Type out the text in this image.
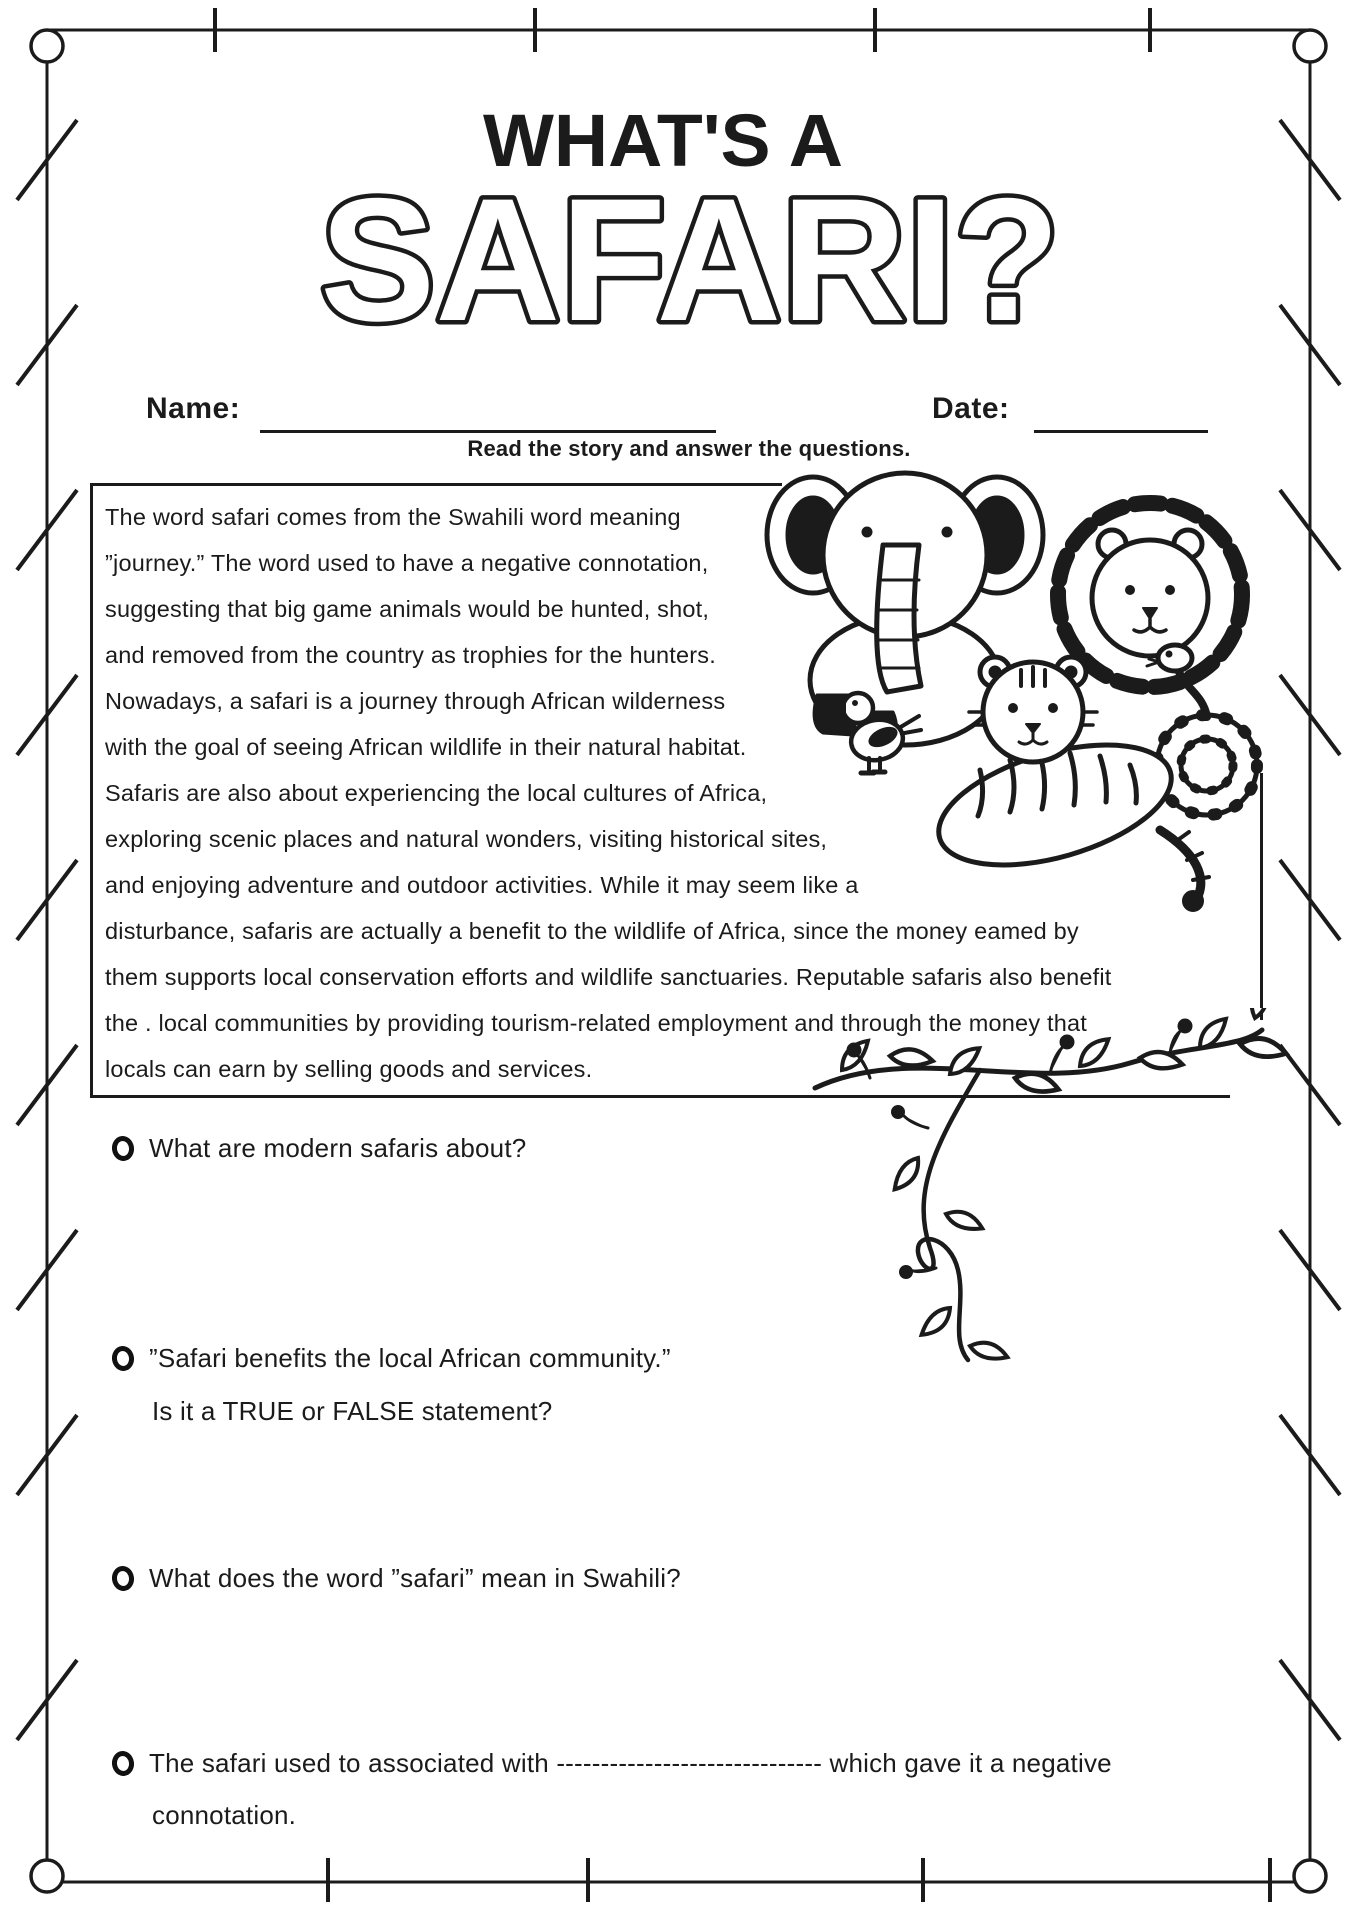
WHAT'S A
SAFARI?
Name:	Date:
Read the story and answer the questions.
The word safari comes from the Swahili word meaning
”journey.” The word used to have a negative connotation,
suggesting that big game animals would be hunted, shot,
and removed from the country as trophies for the hunters.
Nowadays, a safari is a journey through African wilderness
with the goal of seeing African wildlife in their natural habitat.
Safaris are also about experiencing the local cultures of Africa,
exploring scenic places and natural wonders, visiting historical sites,
and enjoying adventure and outdoor activities. While it may seem like a
disturbance, safaris are actually a benefit to the wildlife of Africa, since the money eamed by
them supports local conservation efforts and wildlife sanctuaries. Reputable safaris also benefit
the . local communities by providing tourism-related employment and through the money that
locals can earn by selling goods and services.
What are modern safaris about?
”Safari benefits the local African community.”
Is it a TRUE or FALSE statement?
What does the word ”safari” mean in Swahili?
The safari used to associated with ------------------------------ which gave it a negative
connotation.
